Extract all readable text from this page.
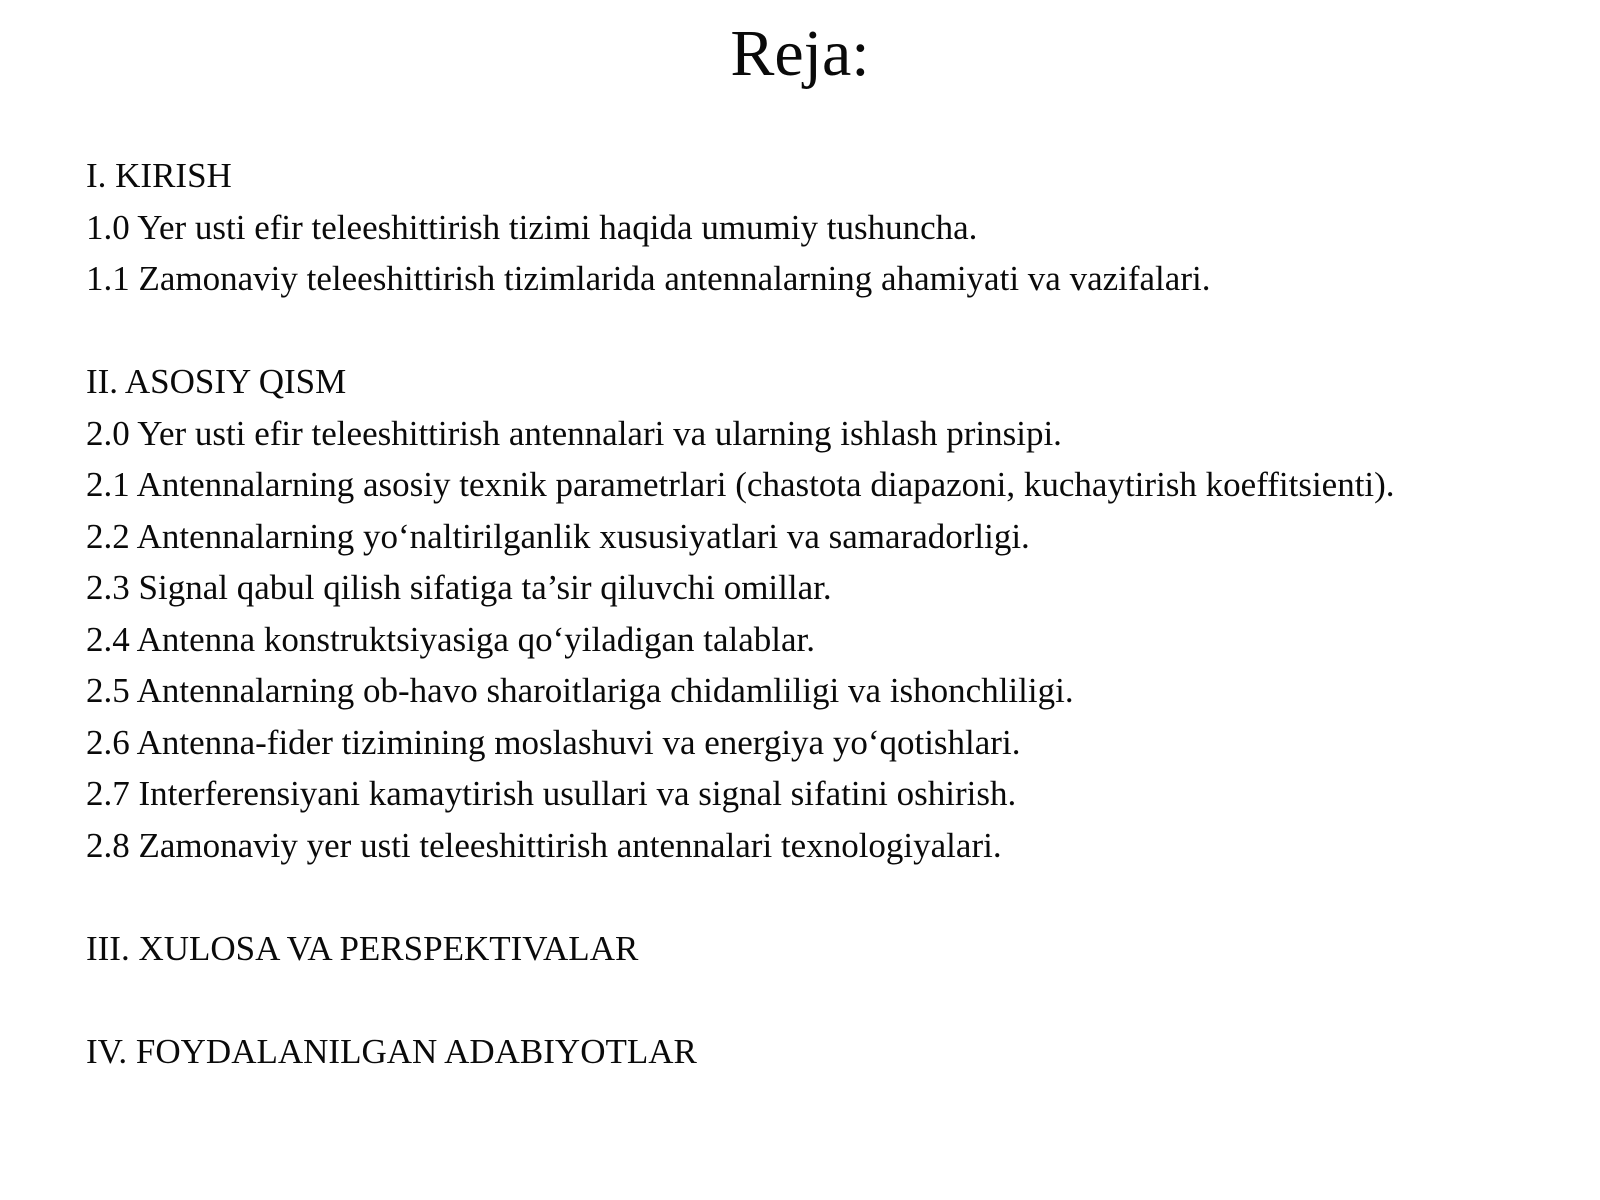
Reja:

I. KIRISH

1.0 Yer usti efir teleeshittirish tizimi haqida umumiy tushuncha.

1.1 Zamonaviy teleeshittirish tizimlarida antennalarning ahamiyati va vazifalari.

II. ASOSIY QISM

2.0 Yer usti efir teleeshittirish antennalari va ularning ishlash prinsipi.

2.1 Antennalarning asosiy texnik parametrlari (chastota diapazoni, kuchaytirish koeffitsienti).

2.2 Antennalarning yo‘naltirilganlik xususiyatlari va samaradorligi.

2.3 Signal qabul qilish sifatiga ta’sir qiluvchi omillar.

2.4 Antenna konstruktsiyasiga qo‘yiladigan talablar.

2.5 Antennalarning ob-havo sharoitlariga chidamliligi va ishonchliligi.

2.6 Antenna-fider tizimining moslashuvi va energiya yo‘qotishlari.

2.7 Interferensiyani kamaytirish usullari va signal sifatini oshirish.

2.8 Zamonaviy yer usti teleeshittirish antennalari texnologiyalari.

III. XULOSA VA PERSPEKTIVALAR

IV. FOYDALANILGAN ADABIYOTLAR
